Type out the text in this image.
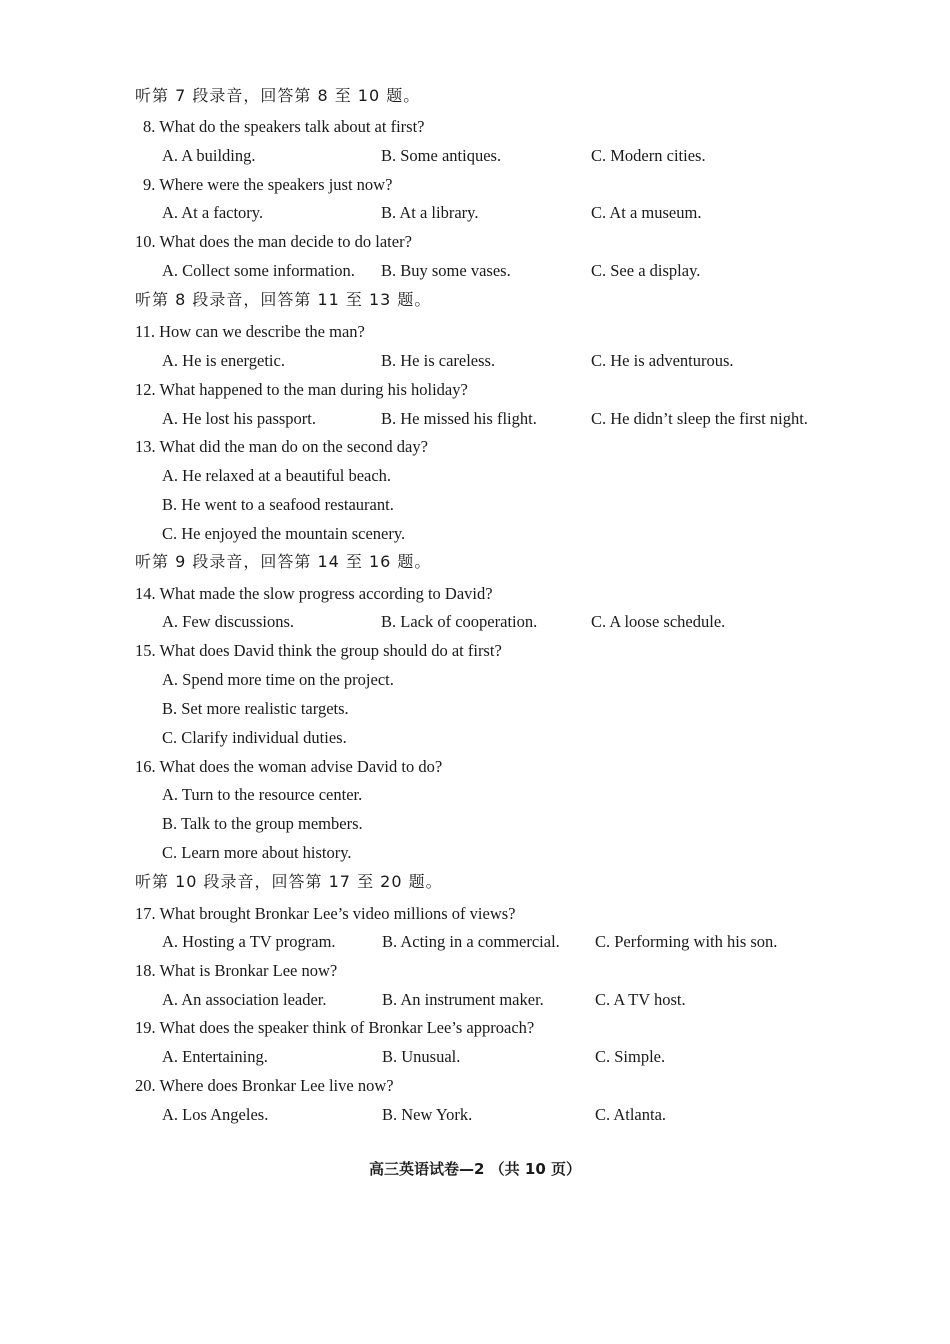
听第 7 段录音，回答第 8 至 10 题。
8. What do the speakers talk about at first?
A. A building.	B. Some antiques.	C. Modern cities.
9. Where were the speakers just now?
A. At a factory.	B. At a library.	C. At a museum.
10. What does the man decide to do later?
A. Collect some information. B. Buy some vases.	C. See a display.
听第 8 段录音，回答第 11 至 13 题。
11. How can we describe the man?
A. He is energetic.	B. He is careless.	C. He is adventurous.
12. What happened to the man during his holiday?
A. He lost his passport.	B. He missed his flight.	C. He didn’t sleep the first night.
13. What did the man do on the second day?
A. He relaxed at a beautiful beach.
B. He went to a seafood restaurant.
C. He enjoyed the mountain scenery.
听第 9 段录音，回答第 14 至 16 题。
14. What made the slow progress according to David?
A. Few discussions.	B. Lack of cooperation.	C. A loose schedule.
15. What does David think the group should do at first?
A. Spend more time on the project.
B. Set more realistic targets.
C. Clarify individual duties.
16. What does the woman advise David to do?
A. Turn to the resource center.
B. Talk to the group members.
C. Learn more about history.
听第 10 段录音，回答第 17 至 20 题。
17. What brought Bronkar Lee’s video millions of views?
A. Hosting a TV program.	B. Acting in a commercial. C. Performing with his son.
18. What is Bronkar Lee now?
A. An association leader.	B. An instrument maker.	C. A TV host.
19. What does the speaker think of Bronkar Lee’s approach?
A. Entertaining.	B. Unusual.	C. Simple.
20. Where does Bronkar Lee live now?
A. Los Angeles.	B. New York.	C. Atlanta.
高三英语试卷—2 （共 10 页）
